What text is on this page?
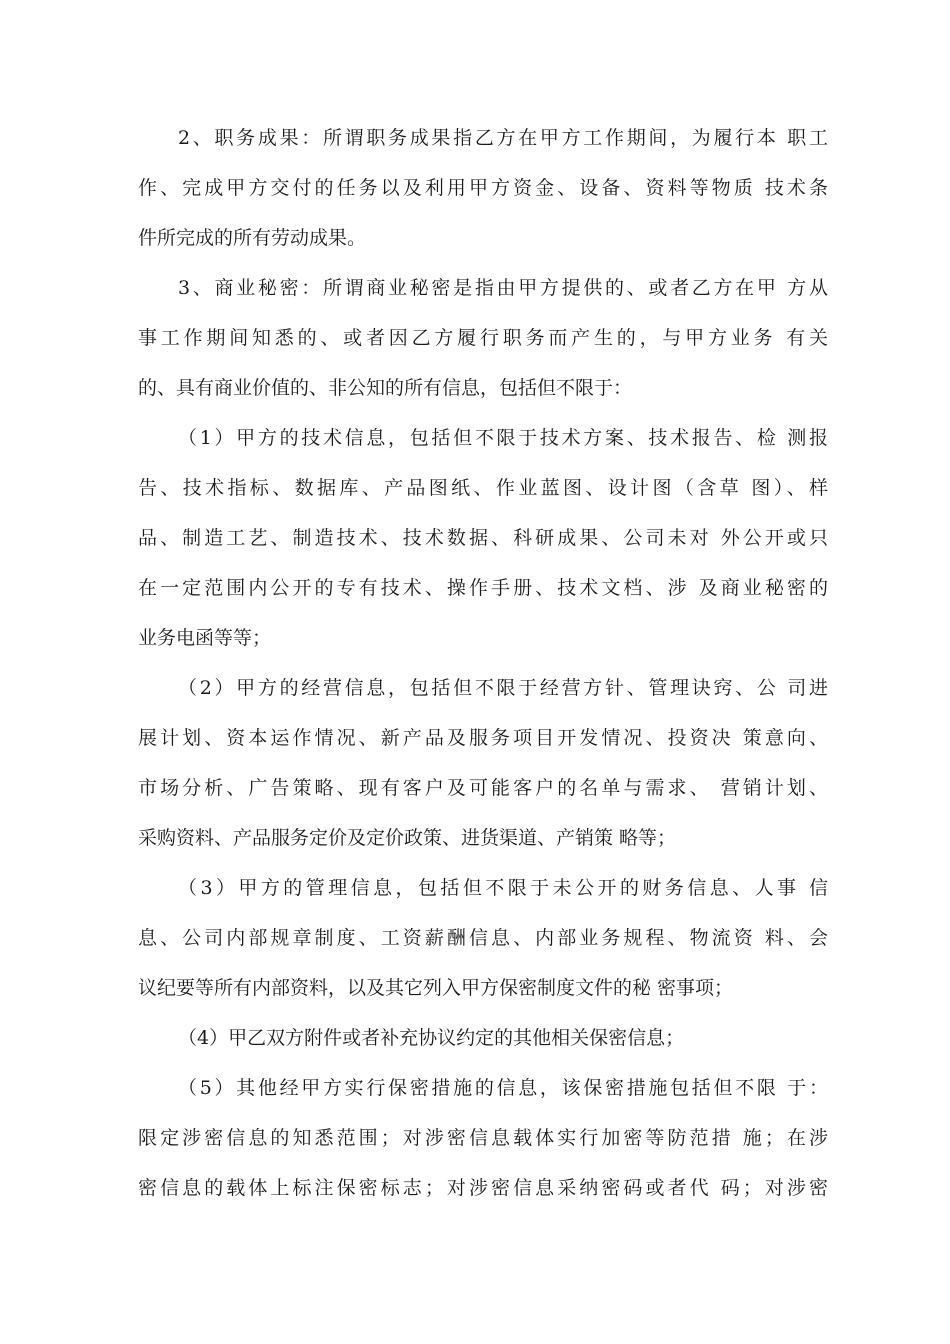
2、职务成果：所谓职务成果指乙方在甲方工作期间，为履行本 职工
作、完成甲方交付的任务以及利用甲方资金、设备、资料等物质 技术条
件所完成的所有劳动成果。
3、商业秘密：所谓商业秘密是指由甲方提供的、或者乙方在甲 方从
事工作期间知悉的、或者因乙方履行职务而产生的，与甲方业务 有关
的、具有商业价值的、非公知的所有信息，包括但不限于：
（1）甲方的技术信息，包括但不限于技术方案、技术报告、检 测报
告、技术指标、数据库、产品图纸、作业蓝图、设计图（含草 图）、样
品、制造工艺、制造技术、技术数据、科研成果、公司未对 外公开或只
在一定范围内公开的专有技术、操作手册、技术文档、涉 及商业秘密的
业务电函等等；
（2）甲方的经营信息，包括但不限于经营方针、管理诀窍、公 司进
展计划、资本运作情况、新产品及服务项目开发情况、投资决 策意向、
市场分析、广告策略、现有客户及可能客户的名单与需求、 营销计划、
采购资料、产品服务定价及定价政策、进货渠道、产销策 略等；
（3）甲方的管理信息，包括但不限于未公开的财务信息、人事 信
息、公司内部规章制度、工资薪酬信息、内部业务规程、物流资 料、会
议纪要等所有内部资料，以及其它列入甲方保密制度文件的秘 密事项；
（4）甲乙双方附件或者补充协议约定的其他相关保密信息；
（5）其他经甲方实行保密措施的信息，该保密措施包括但不限 于：
限定涉密信息的知悉范围；对涉密信息载体实行加密等防范措 施；在涉
密信息的载体上标注保密标志；对涉密信息采纳密码或者代 码；对涉密
